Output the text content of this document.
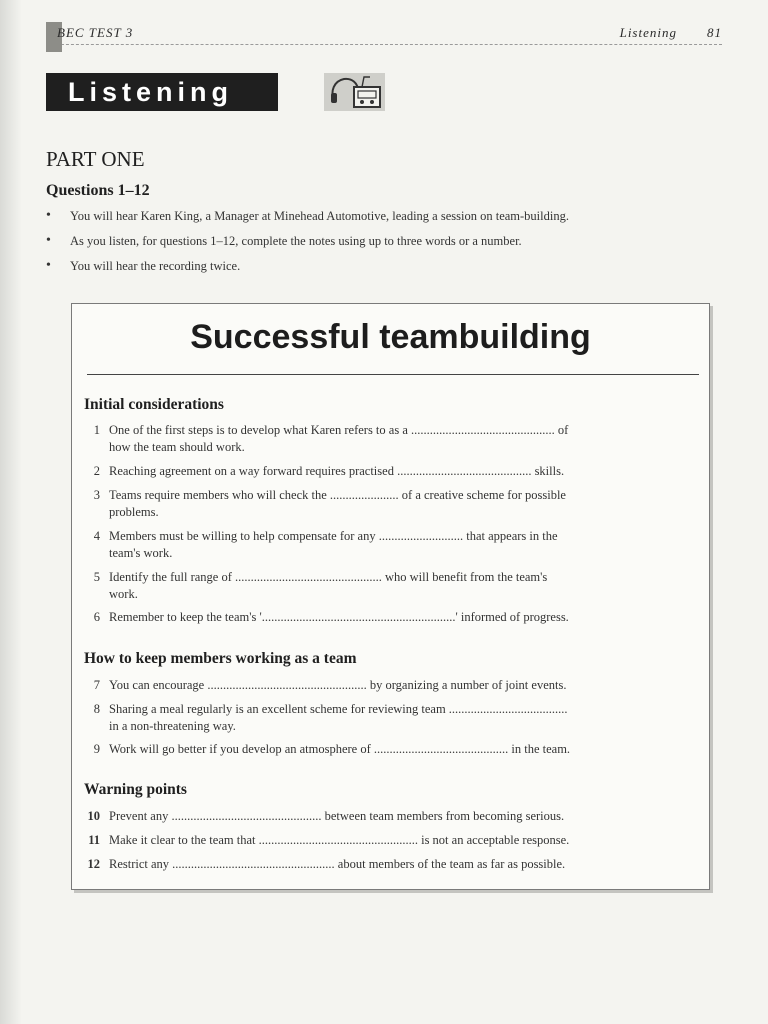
BEC TEST 3	Listening 81
Listening
PART ONE
Questions 1–12
• You will hear Karen King, a Manager at Minehead Automotive, leading a session on team-building.
• As you listen, for questions 1–12, complete the notes using up to three words or a number.
• You will hear the recording twice.
Successful teambuilding
Initial considerations
1 One of the first steps is to develop what Karen refers to as a .............................................. of
how the team should work.
2 Reaching agreement on a way forward requires practised ........................................... skills.
3 Teams require members who will check the ...................... of a creative scheme for possible
problems.
4 Members must be willing to help compensate for any ........................... that appears in the
team's work.
5 Identify the full range of ............................................... who will benefit from the team's
work.
6 Remember to keep the team's '..............................................................' informed of progress.
How to keep members working as a team
7 You can encourage ................................................... by organizing a number of joint events.
8 Sharing a meal regularly is an excellent scheme for reviewing team ......................................
in a non-threatening way.
9 Work will go better if you develop an atmosphere of ........................................... in the team.
Warning points
10 Prevent any ................................................ between team members from becoming serious.
11 Make it clear to the team that ................................................... is not an acceptable response.
12 Restrict any .................................................... about members of the team as far as possible.
